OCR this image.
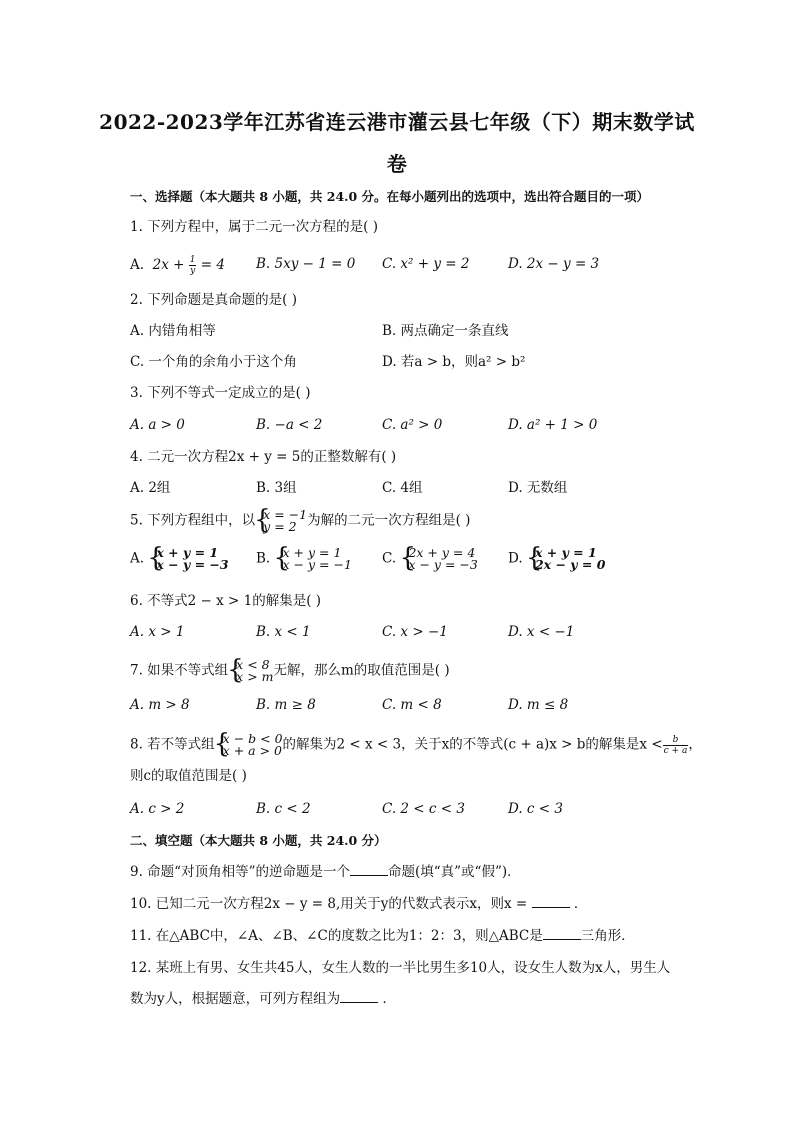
2022-2023学年江苏省连云港市灌云县七年级（下）期末数学试
卷
一、选择题（本大题共 8 小题，共 24.0 分。在每小题列出的选项中，选出符合题目的一项）
1. 下列方程中，属于二元一次方程的是( )
A. $2x + \frac{1}{y} = 4$ B. 5xy − 1 = 0 C. x² + y = 2	D. 2x − y = 3
2. 下列命题是真命题的是( )
A. 内错角相等	B. 两点确定一条直线
C. 一个角的余角小于这个角	D. 若a > b，则a² > b²
3. 下列不等式一定成立的是( )
A. a > 0	B. −a < 2	C. a² > 0	D. a² + 1 > 0
4. 二元一次方程2x + y = 5的正整数解有( )
A. 2组	B. 3组	C. 4组	D. 无数组
5. 下列方程组中，以 { x = −1
y = 2 为解的二元一次方程组是( )
A. { x + y = 1
x − y = −3 B. { x + y = 1
x − y = −1 C. { 2x + y = 4
x − y = −3 D. { x + y = 1
2x − y = 0
6. 不等式2 − x > 1的解集是( )
A. x > 1	B. x < 1	C. x > −1	D. x < −1
7. 如果不等式组 { x < 8
x > m 无解，那么m的取值范围是( )
A. m > 8	B. m ≥ 8	C. m < 8	D. m ≤ 8
8. 若不等式组 { x − b < 0
x + a > 0 的解集为2 < x < 3，关于x的不等式(c + a)x > b的解集是$x < \frac{b}{c + a}$ ，
则c的取值范围是( )
A. c > 2	B. c < 2	C. 2 < c < 3	D. c < 3
二、填空题（本大题共 8 小题，共 24.0 分）
9. 命题“对顶角相等”的逆命题是一个	命题(填“真”或“假”)．
10. 已知二元一次方程2x − y = 8,用关于y的代数式表示x，则x =	．
11. 在△ABC中，∠A、∠B、∠C的度数之比为1：2：3，则△ABC是	三角形．
12. 某班上有男、女生共45人，女生人数的一半比男生多10人，设女生人数为x人，男生人
数为y人，根据题意，可列方程组为	．
